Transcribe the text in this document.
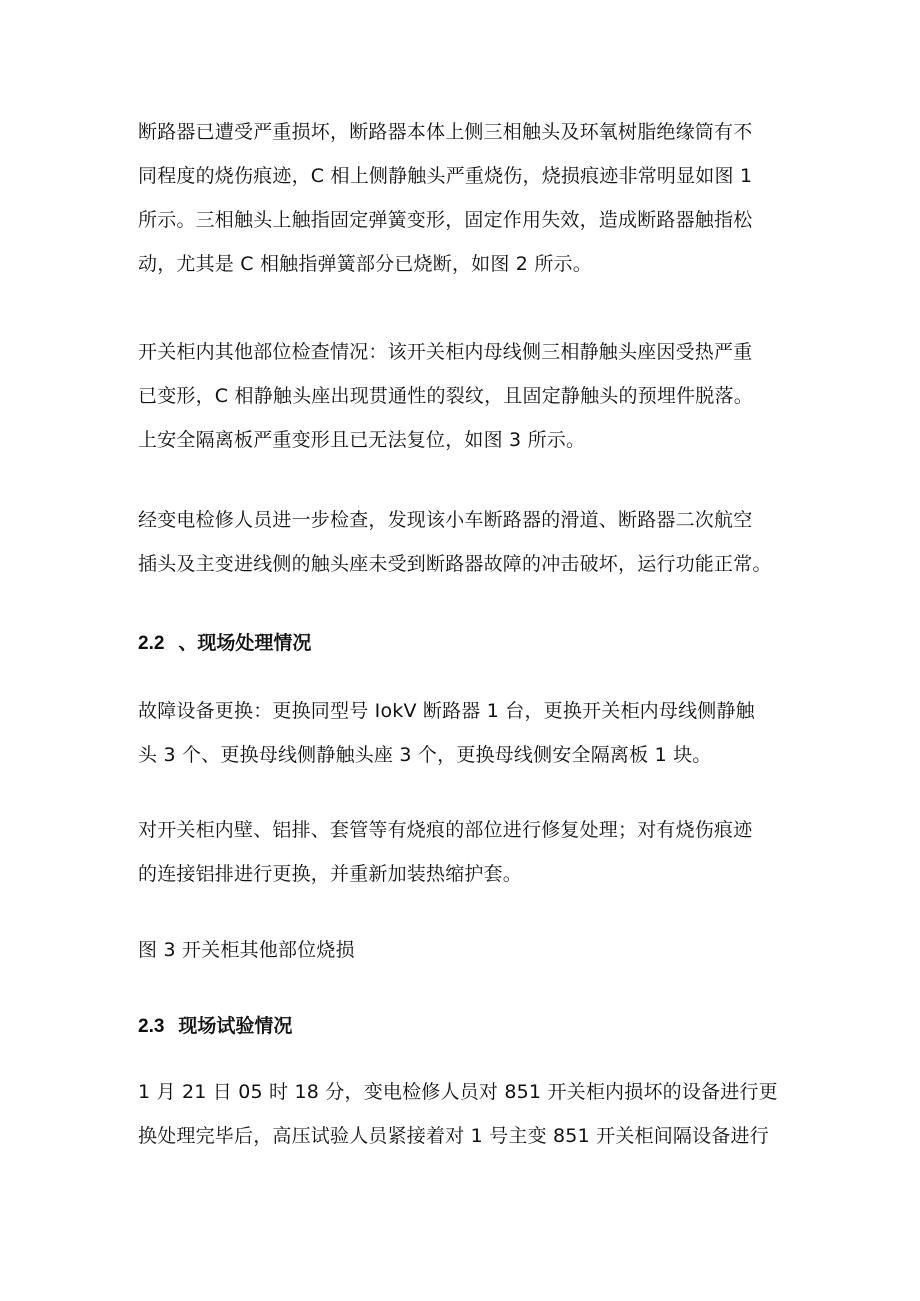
断路器已遭受严重损坏，断路器本体上侧三相触头及环氧树脂绝缘筒有不
同程度的烧伤痕迹，C 相上侧静触头严重烧伤，烧损痕迹非常明显如图 1
所示。三相触头上触指固定弹簧变形，固定作用失效，造成断路器触指松
动，尤其是 C 相触指弹簧部分已烧断，如图 2 所示。
开关柜内其他部位检查情况：该开关柜内母线侧三相静触头座因受热严重
已变形，C 相静触头座出现贯通性的裂纹，且固定静触头的预埋件脱落。
上安全隔离板严重变形且已无法复位，如图 3 所示。
经变电检修人员进一步检查，发现该小车断路器的滑道、断路器二次航空
插头及主变进线侧的触头座未受到断路器故障的冲击破坏，运行功能正常。
2.2 、现场处理情况
故障设备更换：更换同型号 IokV 断路器 1 台，更换开关柜内母线侧静触
头 3 个、更换母线侧静触头座 3 个，更换母线侧安全隔离板 1 块。
对开关柜内壁、铝排、套管等有烧痕的部位进行修复处理；对有烧伤痕迹
的连接铝排进行更换，并重新加装热缩护套。
图 3 开关柜其他部位烧损
2.3 现场试验情况
1 月 21 日 05 时 18 分，变电检修人员对 851 开关柜内损坏的设备进行更
换处理完毕后，高压试验人员紧接着对 1 号主变 851 开关柜间隔设备进行
